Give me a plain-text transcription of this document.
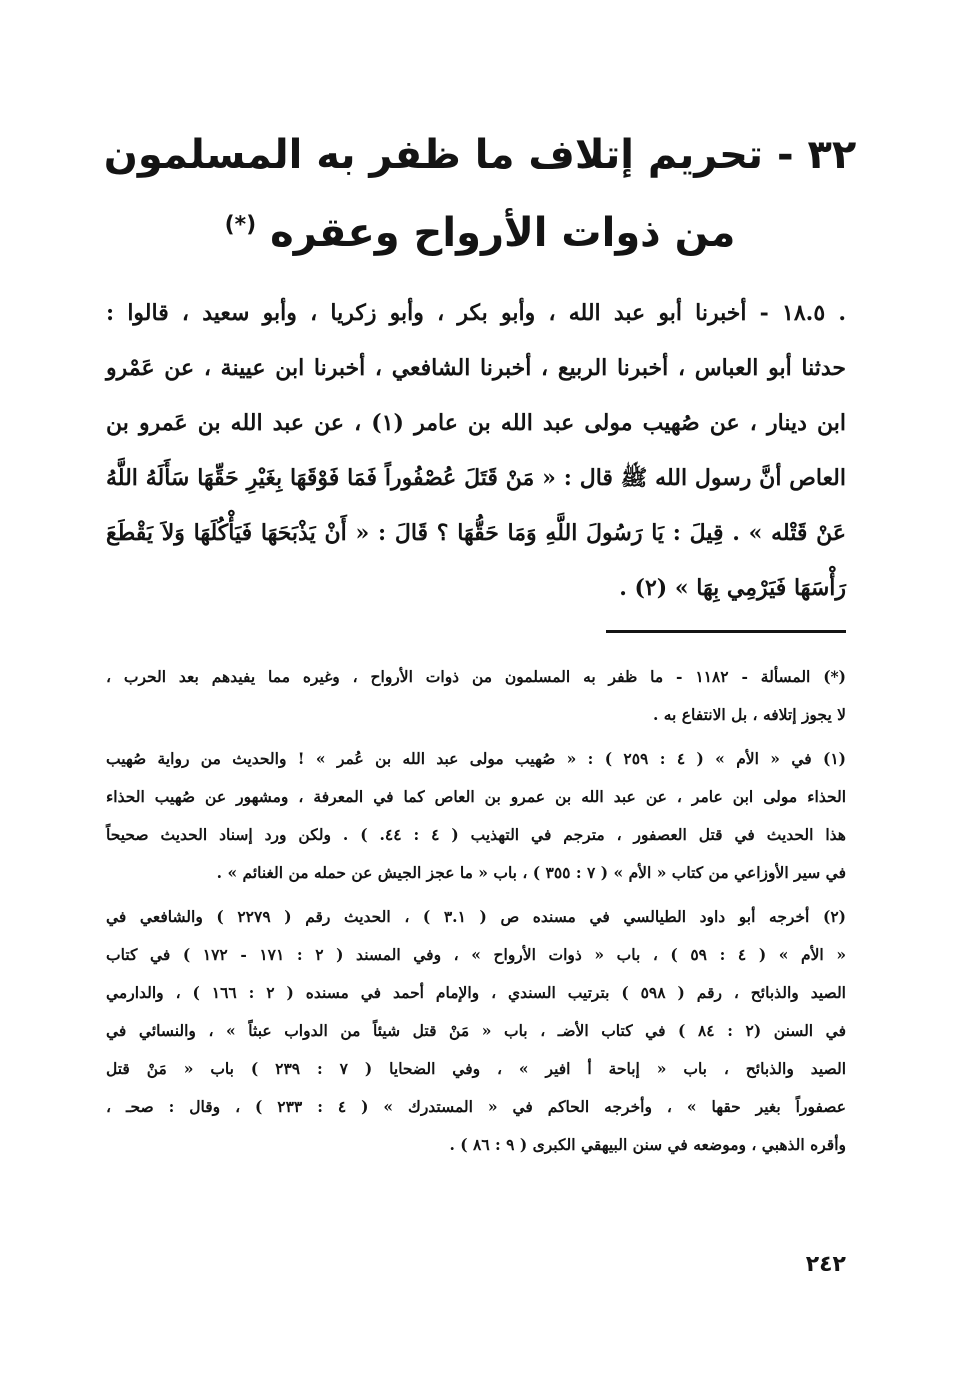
٣٢ - تحريم إتلاف ما ظفر به المسلمون
من ذوات الأرواح وعقره (*)
. ١٨.٥ - أخبرنا أبو عبد الله ، وأبو بكر ، وأبو زكريا ، وأبو سعيد ، قالوا :
حدثنا أبو العباس ، أخبرنا الربيع ، أخبرنا الشافعي ، أخبرنا ابن عيينة ، عن عَمْرو
ابن دينار ، عن صُهيب مولى عبد الله بن عامر (١) ، عن عبد الله بن عَمرو بن
العاص أنَّ رسول الله ﷺ قال : « مَنْ قَتَلَ عُصْفُوراً فَمَا فَوْقَهَا بِغَيْرِ حَقِّهَا سَأَلَهُ اللَّهُ
عَنْ قَتْله » . قِيلَ : يَا رَسُولَ اللَّهِ وَمَا حَقُّهَا ؟ قَالَ : « أَنْ يَذْبَحَهَا فَيَأْكُلَهَا وَلاَ يَقْطَعَ
رَأْسَهَا فَيَرْمِي بِهَا » (٢) .
(*) المسألة - ١١٨٢ - ما ظفر به المسلمون من ذوات الأرواح ، وغيره مما يفيدهم بعد الحرب ،
لا يجوز إتلافه ، بل الانتفاع به .
(١) في « الأم » ( ٤ : ٢٥٩ ) : « صُهيب مولى عبد الله بن عُمر » ! والحديث من رواية صُهيب
الحذاء مولى ابن عامر ، عن عبد الله بن عمرو بن العاص كما في المعرفة ، ومشهور عن صُهيب الحذاء
هذا الحديث في قتل العصفور ، مترجم في التهذيب ( ٤ : ٤٤. ) . ولكن ورد إسناد الحديث صحيحاً
في سير الأوزاعي من كتاب « الأم » ( ٧ : ٣٥٥ ) ، باب « ما عجز الجيش عن حمله من الغنائم » .
(٢) أخرجه أبو داود الطيالسي في مسنده ص ( ٣.١ ) ، الحديث رقم ( ٢٢٧٩ ) والشافعي في
« الأم » ( ٤ : ٥٩ ) ، باب « ذوات الأرواح » ، وفي المسند ( ٢ : ١٧١ - ١٧٢ ) في كتاب
الصيد والذبائح ، رقم ( ٥٩٨ ) بترتيب السندي ، والإمام أحمد في مسنده ( ٢ : ١٦٦ ) ، والدارمي
في السنن (٢ : ٨٤ ) في كتاب الأضـ ، باب « مَنْ قتل شيئاً من الدواب عبثاً » ، والنسائي في
الصيد والذبائح ، باب « إباحة أ افير » ، وفي الضحايا ( ٧ : ٢٣٩ ) باب « مَنْ قتل
عصفوراً بغير حقها » ، وأخرجه الحاكم في « المستدرك » ( ٤ : ٢٣٣ ) ، وقال : صحـ ،
وأقره الذهبي ، وموضعه في سنن البيهقي الكبرى ( ٩ : ٨٦ ) .
٢٤٢
